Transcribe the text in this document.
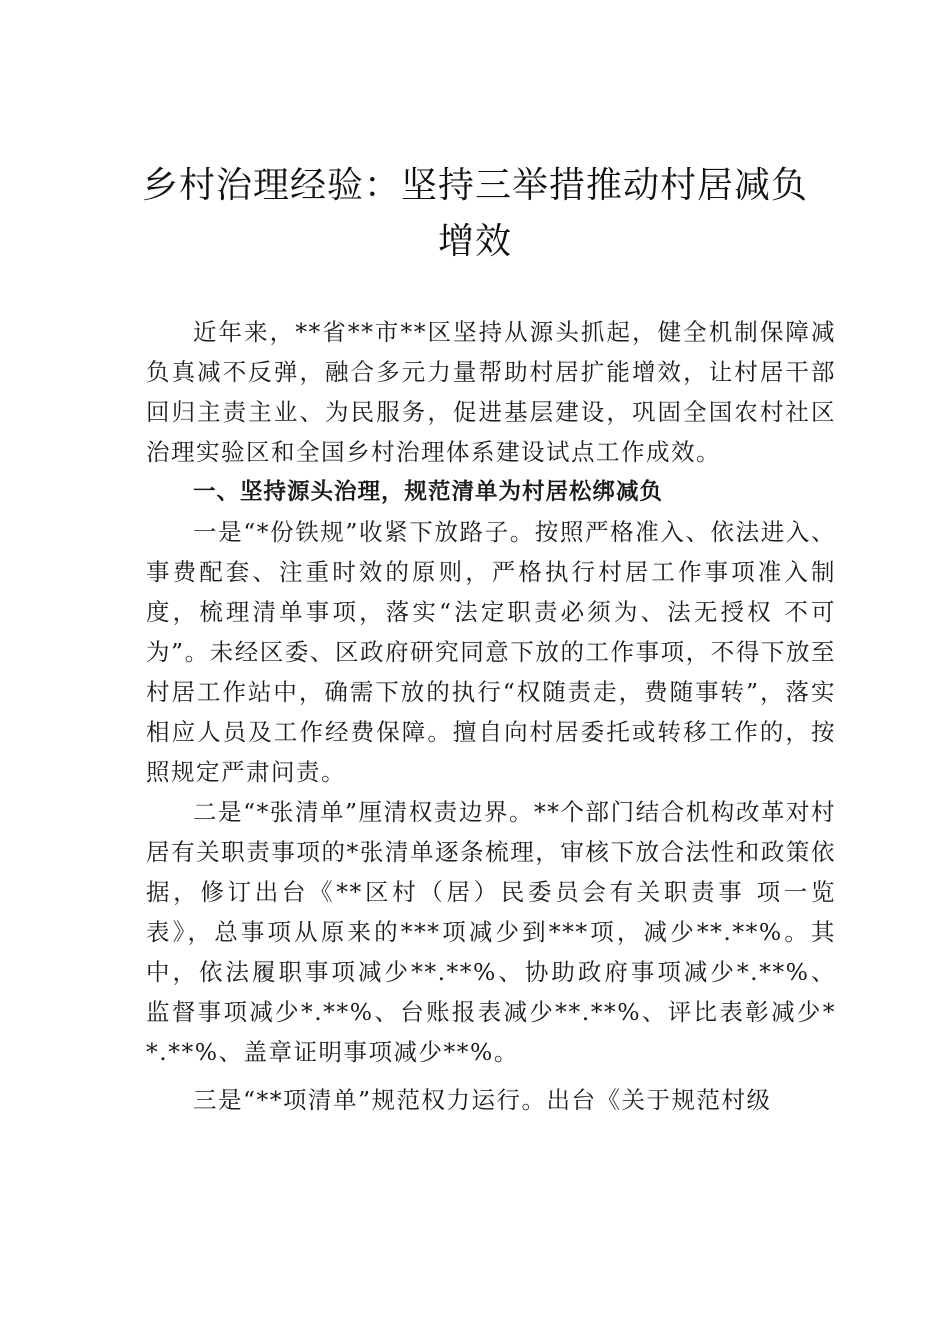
乡村治理经验：坚持三举措推动村居减负
增效

近年来，**省**市**区坚持从源头抓起，健全机制保障减负真减不反弹，融合多元力量帮助村居扩能增效，让村居干部回归主责主业、为民服务，促进基层建设，巩固全国农村社区治理实验区和全国乡村治理体系建设试点工作成效。

一、坚持源头治理，规范清单为村居松绑减负

一是“*份铁规”收紧下放路子。按照严格准入、依法进入、事费配套、注重时效的原则，严格执行村居工作事项准入制度，梳理清单事项，落实“法定职责必须为、法无授权 不可为”。未经区委、区政府研究同意下放的工作事项，不得下放至村居工作站中，确需下放的执行“权随责走，费随事转”，落实相应人员及工作经费保障。擅自向村居委托或转移工作的，按照规定严肃问责。

二是“*张清单”厘清权责边界。**个部门结合机构改革对村居有关职责事项的*张清单逐条梳理，审核下放合法性和政策依据，修订出台《**区村（居）民委员会有关职责事 项一览表》，总事项从原来的***项减少到***项，减少**.**%。其中，依法履职事项减少**.**%、协助政府事项减少*.**%、 监督事项减少*.**%、台账报表减少**.**%、评比表彰减少**.**%、盖章证明事项减少**%。

三是“**项清单”规范权力运行。出台《关于规范村级
